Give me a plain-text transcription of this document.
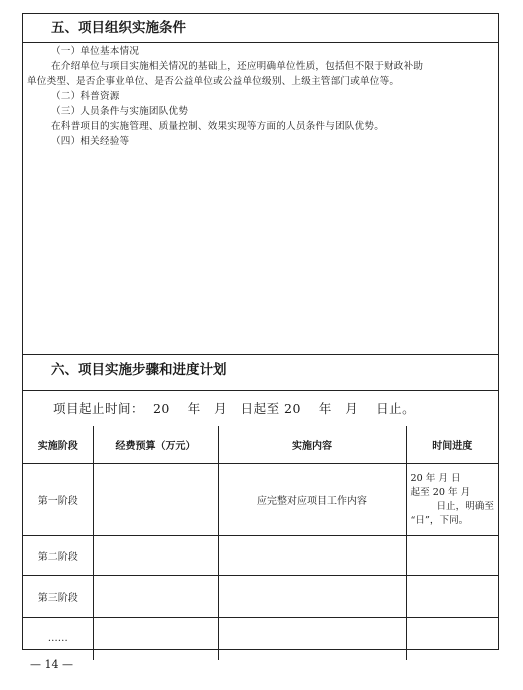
五、项目组织实施条件
（一）单位基本情况
在介绍单位与项目实施相关情况的基础上，还应明确单位性质，包括但不限于财政补助
单位类型、是否企事业单位、是否公益单位或公益单位级别、上级主管部门或单位等。
（二）科普资源
（三）人员条件与实施团队优势
在科普项目的实施管理、质量控制、效果实现等方面的人员条件与团队优势。
（四）相关经验等
六、项目实施步骤和进度计划
项目起止时间：  20    年   月   日起至 20    年   月    日止。
实施阶段	经费预算（万元）	实施内容	时间进度
第一阶段		应完整对应项目工作内容	20 年 月 日
起至 20 年 月
日止，明确至
“日”，下同。

第二阶段			
第三阶段			
……			
— 14 —
